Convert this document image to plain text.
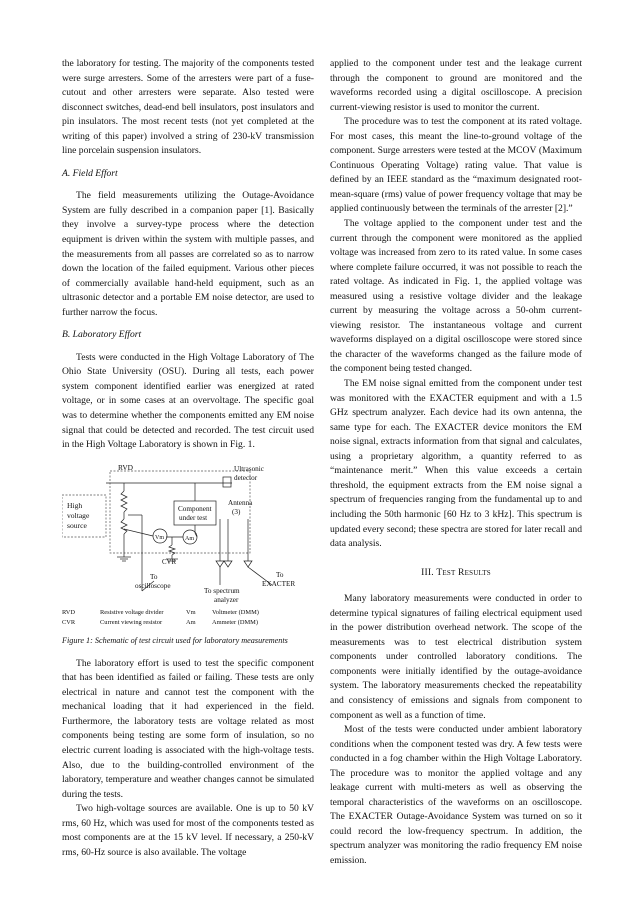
the laboratory for testing. The majority of the components tested were surge arresters. Some of the arresters were part of a fuse-cutout and other arresters were separate. Also tested were disconnect switches, dead-end bell insulators, post insulators and pin insulators. The most recent tests (not yet completed at the writing of this paper) involved a string of 230-kV transmission line porcelain suspension insulators.

A. Field Effort

The field measurements utilizing the Outage-Avoidance System are fully described in a companion paper [1]. Basically they involve a survey-type process where the detection equipment is driven within the system with multiple passes, and the measurements from all passes are correlated so as to narrow down the location of the failed equipment. Various other pieces of commercially available hand-held equipment, such as an ultrasonic detector and a portable EM noise detector, are used to further narrow the focus.

B. Laboratory Effort

Tests were conducted in the High Voltage Laboratory of The Ohio State University (OSU). During all tests, each power system component identified earlier was energized at rated voltage, or in some cases at an overvoltage. The specific goal was to determine whether the components emitted any EM noise signal that could be detected and recorded. The test circuit used in the High Voltage Laboratory is shown in Fig. 1.

High
voltage
source
RVD
Component
under test
Vm	Am
CVR
Ultrasonic
detector
Antenna
(3)
To
oscilloscope
To spectrum
analyzer
To
EXACTER
RVD	Resistive voltage divider	Vm	Voltmeter (DMM)
CVR	Current viewing resistor	Am	Ammeter (DMM)
Figure 1: Schematic of test circuit used for laboratory measurements

The laboratory effort is used to test the specific component that has been identified as failed or failing. These tests are only electrical in nature and cannot test the component with the mechanical loading that it had experienced in the field. Furthermore, the laboratory tests are voltage related as most components being testing are some form of insulation, so no electric current loading is associated with the high-voltage tests. Also, due to the building-controlled environment of the laboratory, temperature and weather changes cannot be simulated during the tests.

Two high-voltage sources are available. One is up to 50 kV rms, 60 Hz, which was used for most of the components tested as most components are at the 15 kV level. If necessary, a 250-kV rms, 60-Hz source is also available. The voltage

applied to the component under test and the leakage current through the component to ground are monitored and the waveforms recorded using a digital oscilloscope. A precision current-viewing resistor is used to monitor the current.

The procedure was to test the component at its rated voltage. For most cases, this meant the line-to-ground voltage of the component. Surge arresters were tested at the MCOV (Maximum Continuous Operating Voltage) rating value. That value is defined by an IEEE standard as the “maximum designated root-mean-square (rms) value of power frequency voltage that may be applied continuously between the terminals of the arrester [2].”

The voltage applied to the component under test and the current through the component were monitored as the applied voltage was increased from zero to its rated value. In some cases where complete failure occurred, it was not possible to reach the rated voltage. As indicated in Fig. 1, the applied voltage was measured using a resistive voltage divider and the leakage current by measuring the voltage across a 50-ohm current-viewing resistor. The instantaneous voltage and current waveforms displayed on a digital oscilloscope were stored since the character of the waveforms changed as the failure mode of the component being tested changed.

The EM noise signal emitted from the component under test was monitored with the EXACTER equipment and with a 1.5 GHz spectrum analyzer. Each device had its own antenna, the same type for each. The EXACTER device monitors the EM noise signal, extracts information from that signal and calculates, using a proprietary algorithm, a quantity referred to as “maintenance merit.” When this value exceeds a certain threshold, the equipment extracts from the EM noise signal a spectrum of frequencies ranging from the fundamental up to and including the 50th harmonic [60 Hz to 3 kHz]. This spectrum is updated every second; these spectra are stored for later recall and data analysis.

III. Test Results

Many laboratory measurements were conducted in order to determine typical signatures of failing electrical equipment used in the power distribution overhead network. The scope of the measurements was to test electrical distribution system components under controlled laboratory conditions. The components were initially identified by the outage-avoidance system. The laboratory measurements checked the repeatability and consistency of emissions and signals from component to component as well as a function of time.

Most of the tests were conducted under ambient laboratory conditions when the component tested was dry. A few tests were conducted in a fog chamber within the High Voltage Laboratory. The procedure was to monitor the applied voltage and any leakage current with multi-meters as well as observing the temporal characteristics of the waveforms on an oscilloscope. The EXACTER Outage-Avoidance System was turned on so it could record the low-frequency spectrum. In addition, the spectrum analyzer was monitoring the radio frequency EM noise emission.
